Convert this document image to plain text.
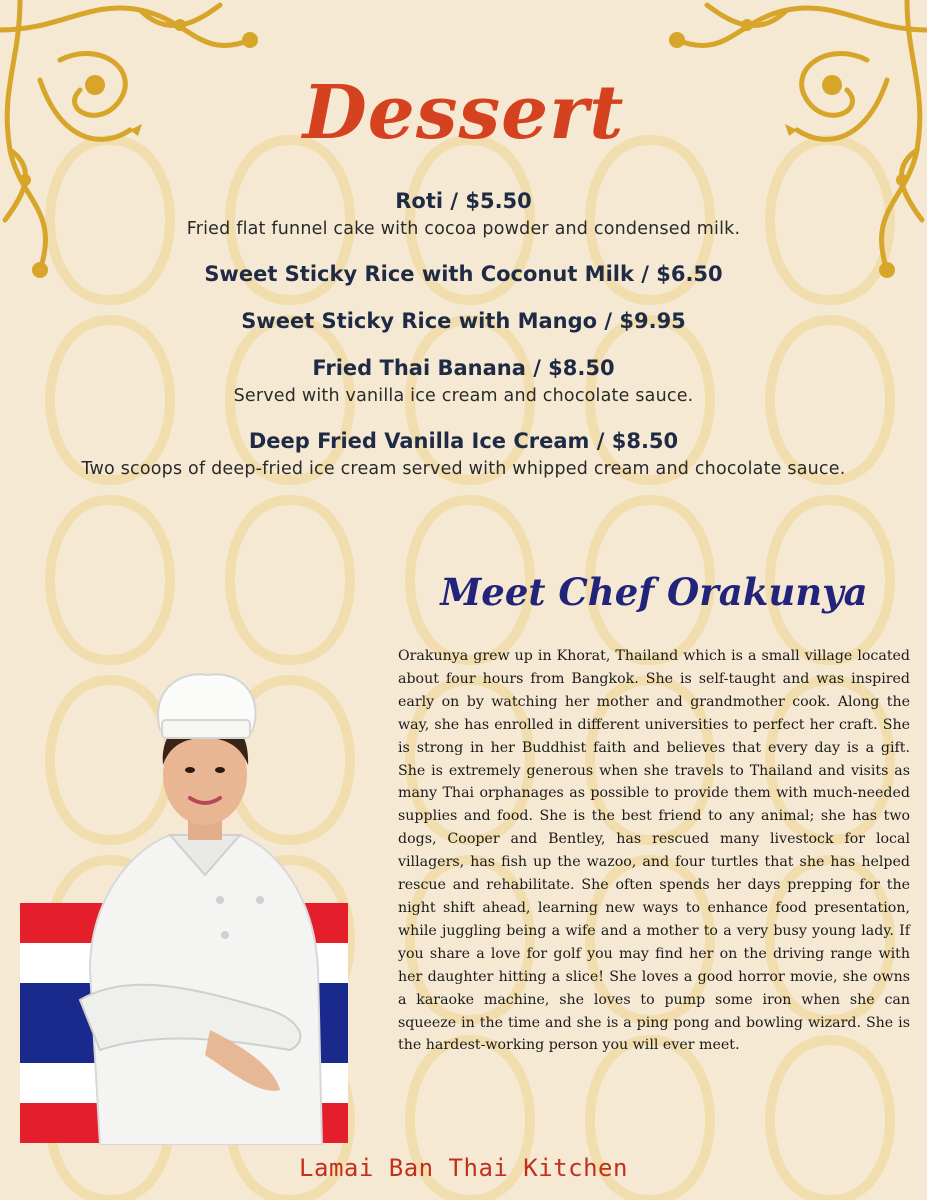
Dessert

Roti / $5.50

Fried flat funnel cake with cocoa powder and condensed milk.

Sweet Sticky Rice with Coconut Milk / $6.50

Sweet Sticky Rice with Mango / $9.95

Fried Thai Banana / $8.50

Served with vanilla ice cream and chocolate sauce.

Deep Fried Vanilla Ice Cream / $8.50

Two scoops of deep-fried ice cream served with whipped cream and chocolate sauce.

Meet Chef Orakunya

Orakunya grew up in Khorat, Thailand which is a small village located about four hours from Bangkok. She is self-taught and was inspired early on by watching her mother and grandmother cook. Along the way, she has enrolled in different universities to perfect her craft. She is strong in her Buddhist faith and believes that every day is a gift. She is extremely generous when she travels to Thailand and visits as many Thai orphanages as possible to provide them with much-needed supplies and food. She is the best friend to any animal; she has two dogs, Cooper and Bentley, has rescued many livestock for local villagers, has fish up the wazoo, and four turtles that she has helped rescue and rehabilitate. She often spends her days prepping for the night shift ahead, learning new ways to enhance food presentation, while juggling being a wife and a mother to a very busy young lady. If you share a love for golf you may find her on the driving range with her daughter hitting a slice! She loves a good horror movie, she owns a karaoke machine, she loves to pump some iron when she can squeeze in the time and she is a ping pong and bowling wizard. She is the hardest-working person you will ever meet.

Lamai Ban Thai Kitchen
